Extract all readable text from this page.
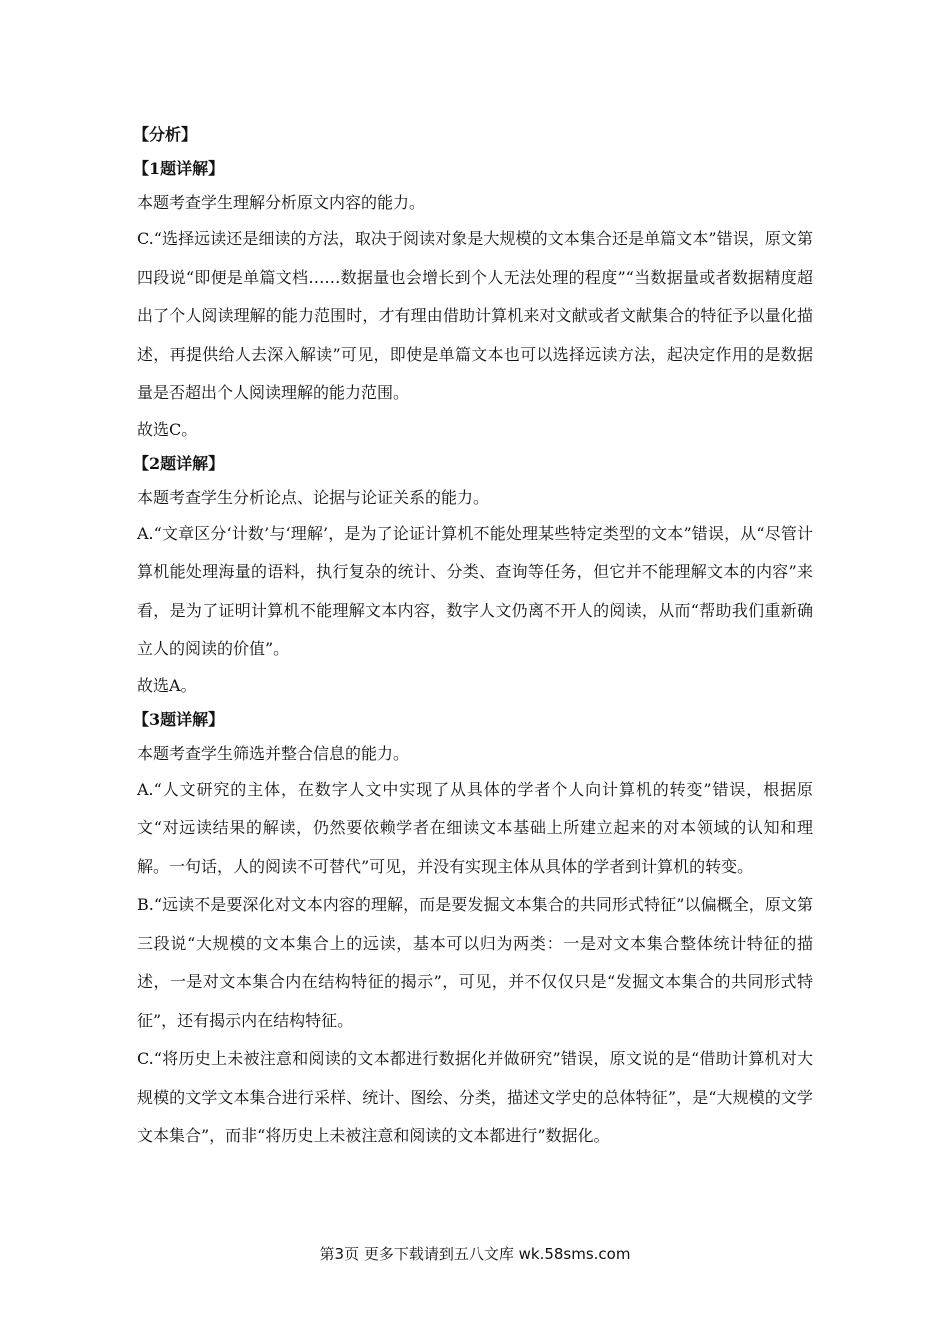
【分析】
【1题详解】
本题考查学生理解分析原文内容的能力。

C.“选择远读还是细读的方法，取决于阅读对象是大规模的文本集合还是单篇文本”错误，原文第四段说“即便是单篇文档……数据量也会增长到个人无法处理的程度”“当数据量或者数据精度超出了个人阅读理解的能力范围时，才有理由借助计算机来对文献或者文献集合的特征予以量化描述，再提供给人去深入解读”可见，即使是单篇文本也可以选择远读方法，起决定作用的是数据量是否超出个人阅读理解的能力范围。

故选C。
【2题详解】
本题考查学生分析论点、论据与论证关系的能力。

A.“文章区分‘计数’与‘理解’，是为了论证计算机不能处理某些特定类型的文本”错误，从“尽管计算机能处理海量的语料，执行复杂的统计、分类、查询等任务，但它并不能理解文本的内容”来看，是为了证明计算机不能理解文本内容，数字人文仍离不开人的阅读，从而“帮助我们重新确立人的阅读的价值”。

故选A。
【3题详解】
本题考查学生筛选并整合信息的能力。

A.“人文研究的主体，在数字人文中实现了从具体的学者个人向计算机的转变”错误，根据原文“对远读结果的解读，仍然要依赖学者在细读文本基础上所建立起来的对本领域的认知和理解。一句话，人的阅读不可替代”可见，并没有实现主体从具体的学者到计算机的转变。

B.“远读不是要深化对文本内容的理解，而是要发掘文本集合的共同形式特征”以偏概全，原文第三段说“大规模的文本集合上的远读，基本可以归为两类：一是对文本集合整体统计特征的描述，一是对文本集合内在结构特征的揭示”，可见，并不仅仅只是“发掘文本集合的共同形式特征”，还有揭示内在结构特征。

C.“将历史上未被注意和阅读的文本都进行数据化并做研究”错误，原文说的是“借助计算机对大规模的文学文本集合进行采样、统计、图绘、分类，描述文学史的总体特征”，是“大规模的文学文本集合”，而非“将历史上未被注意和阅读的文本都进行”数据化。

第3页 更多下载请到五八文库 wk.58sms.com
